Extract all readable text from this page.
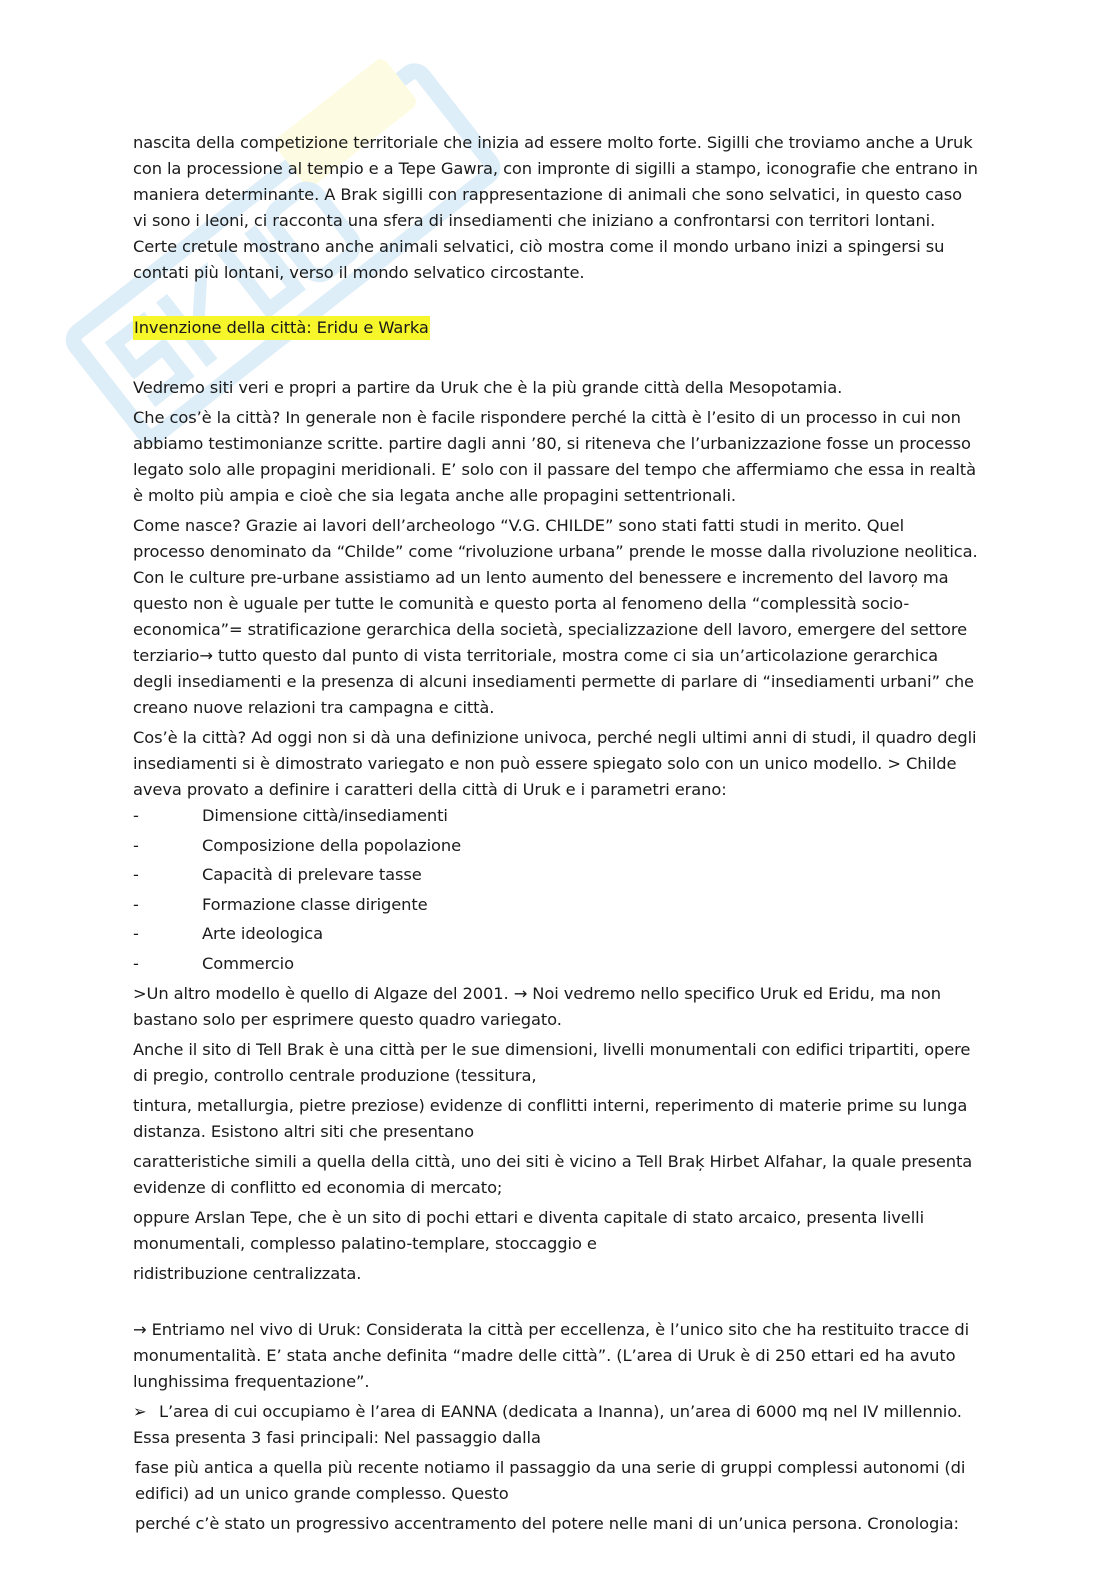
nascita della competizione territoriale che inizia ad essere molto forte. Sigilli che troviamo anche a Uruk con la processione al tempio e a Tepe Gawra, con impronte di sigilli a stampo, iconografie che entrano in maniera determinante. A Brak sigilli con rappresentazione di animali che sono selvatici, in questo caso vi sono i leoni, ci racconta una sfera di insediamenti che iniziano a confrontarsi con territori lontani. Certe cretule mostrano anche animali selvatici, ciò mostra come il mondo urbano inizi a spingersi su contati più lontani, verso il mondo selvatico circostante.

Invenzione della città: Eridu e Warka

Vedremo siti veri e propri a partire da Uruk che è la più grande città della Mesopotamia.

Che cos’è la città? In generale non è facile rispondere perché la città è l’esito di un processo in cui non abbiamo testimonianze scritte. partire dagli anni ’80, si riteneva che l’urbanizzazione fosse un processo legato solo alle propagini meridionali. E’ solo con il passare del tempo che affermiamo che essa in realtà è molto più ampia e cioè che sia legata anche alle propagini settentrionali.

Come nasce? Grazie ai lavori dell’archeologo “V.G. CHILDE” sono stati fatti studi in merito. Quel processo denominato da “Childe” come “rivoluzione urbana” prende le mosse dalla rivoluzione neolitica. Con le culture pre-urbane assistiamo ad un lento aumento del benessere e incremento del lavoro̦ ma questo non è uguale per tutte le comunità e questo porta al fenomeno della “complessità socio-economica”= stratificazione gerarchica della società, specializzazione dell lavoro, emergere del settore terziario→ tutto questo dal punto di vista territoriale, mostra come ci sia un’articolazione gerarchica degli insediamenti e la presenza di alcuni insediamenti permette di parlare di “insediamenti urbani” che creano nuove relazioni tra campagna e città.

Cos’è la città? Ad oggi non si dà una definizione univoca, perché negli ultimi anni di studi, il quadro degli insediamenti si è dimostrato variegato e non può essere spiegato solo con un unico modello. > Childe aveva provato a definire i caratteri della città di Uruk e i parametri erano:

-	Dimensione città/insediamenti
-	Composizione della popolazione
-	Capacità di prelevare tasse
-	Formazione classe dirigente
-	Arte ideologica
-	Commercio

>Un altro modello è quello di Algaze del 2001. → Noi vedremo nello specifico Uruk ed Eridu, ma non bastano solo per esprimere questo quadro variegato.

Anche il sito di Tell Brak è una città per le sue dimensioni, livelli monumentali con edifici tripartiti, opere di pregio, controllo centrale produzione (tessitura,

tintura, metallurgia, pietre preziose) evidenze di conflitti interni, reperimento di materie prime su lunga distanza. Esistono altri siti che presentano

caratteristiche simili a quella della città, uno dei siti è vicino a Tell Brak̦ Hirbet Alfahar, la quale presenta evidenze di conflitto ed economia di mercato;

oppure Arslan Tepe, che è un sito di pochi ettari e diventa capitale di stato arcaico, presenta livelli monumentali, complesso palatino-templare, stoccaggio e

ridistribuzione centralizzata.

→ Entriamo nel vivo di Uruk: Considerata la città per eccellenza, è l’unico sito che ha restituito tracce di monumentalità. E’ stata anche definita “madre delle città”. (L’area di Uruk è di 250 ettari ed ha avuto lunghissima frequentazione”.

➢ L’area di cui occupiamo è l’area di EANNA (dedicata a Inanna), un’area di 6000 mq nel IV millennio.
Essa presenta 3 fasi principali: Nel passaggio dalla

fase più antica a quella più recente notiamo il passaggio da una serie di gruppi complessi autonomi (di edifici) ad un unico grande complesso. Questo

perché c’è stato un progressivo accentramento del potere nelle mani di un’unica persona. Cronologia:
